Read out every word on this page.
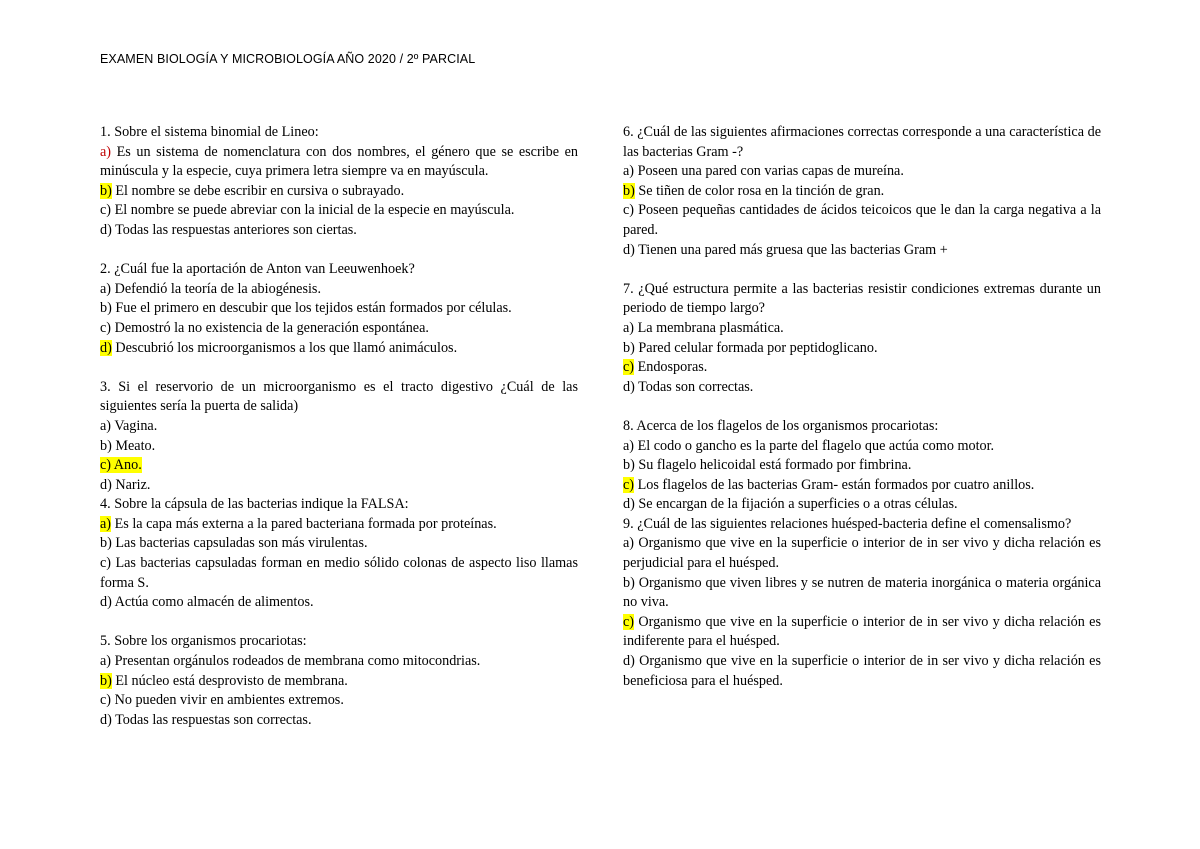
EXAMEN BIOLOGÍA Y MICROBIOLOGÍA AÑO 2020 / 2º PARCIAL

1. Sobre el sistema binomial de Lineo:

a) Es un sistema de nomenclatura con dos nombres, el género que se escribe en minúscula y la especie, cuya primera letra siempre va en mayúscula.

b) El nombre se debe escribir en cursiva o subrayado.

c) El nombre se puede abreviar con la inicial de la especie en mayúscula.

d) Todas las respuestas anteriores son ciertas.

2. ¿Cuál fue la aportación de Anton van Leeuwenhoek?

a) Defendió la teoría de la abiogénesis.

b) Fue el primero en descubir que los tejidos están formados por células.

c) Demostró la no existencia de la generación espontánea.

d) Descubrió los microorganismos a los que llamó animáculos.

3. Si el reservorio de un microorganismo es el tracto digestivo ¿Cuál de las siguientes sería la puerta de salida)

a) Vagina.

b) Meato.

c) Ano.

d) Nariz.

4. Sobre la cápsula de las bacterias indique la FALSA:

a) Es la capa más externa a la pared bacteriana formada por proteínas.

b) Las bacterias capsuladas son más virulentas.

c) Las bacterias capsuladas forman en medio sólido colonas de aspecto liso llamas forma S.

d) Actúa como almacén de alimentos.

5. Sobre los organismos procariotas:

a) Presentan orgánulos rodeados de membrana como mitocondrias.

b) El núcleo está desprovisto de membrana.

c) No pueden vivir en ambientes extremos.

d) Todas las respuestas son correctas.

6. ¿Cuál de las siguientes afirmaciones correctas corresponde a una característica de las bacterias Gram -?

a) Poseen una pared con varias capas de mureína.

b) Se tiñen de color rosa en la tinción de gran.

c) Poseen pequeñas cantidades de ácidos teicoicos que le dan la carga negativa a la pared.

d) Tienen una pared más gruesa que las bacterias Gram +

7. ¿Qué estructura permite a las bacterias resistir condiciones extremas durante un periodo de tiempo largo?

a) La membrana plasmática.

b) Pared celular formada por peptidoglicano.

c) Endosporas.

d) Todas son correctas.

8. Acerca de los flagelos de los organismos procariotas:

a) El codo o gancho es la parte del flagelo que actúa como motor.

b) Su flagelo helicoidal está formado por fimbrina.

c) Los flagelos de las bacterias Gram- están formados por cuatro anillos.

d) Se encargan de la fijación a superficies o a otras células.

9. ¿Cuál de las siguientes relaciones huésped-bacteria define el comensalismo?

a) Organismo que vive en la superficie o interior de in ser vivo y dicha relación es perjudicial para el huésped.

b) Organismo que viven libres y se nutren de materia inorgánica o materia orgánica no viva.

c) Organismo que vive en la superficie o interior de in ser vivo y dicha relación es indiferente para el huésped.

d) Organismo que vive en la superficie o interior de in ser vivo y dicha relación es beneficiosa para el huésped.
